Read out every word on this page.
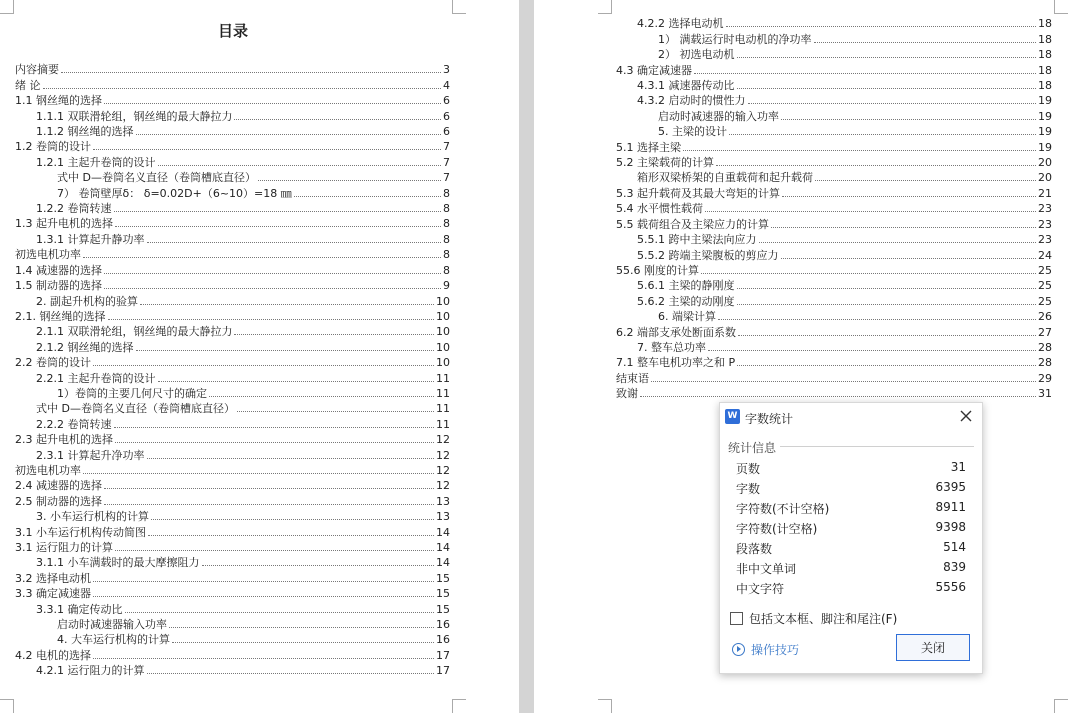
目录
内容摘要	3
绪 论	4
1.1 钢丝绳的选择	6
1.1.1 双联滑轮组，钢丝绳的最大静拉力	6
1.1.2 钢丝绳的选择	6
1.2 卷筒的设计	7
1.2.1 主起升卷筒的设计	7
式中 D—卷筒名义直径（卷筒槽底直径）	7
7） 卷筒壁厚δ： δ=0.02D+（6~10）=18 ㎜	8
1.2.2 卷筒转速	8
1.3 起升电机的选择	8
1.3.1 计算起升静功率	8
初选电机功率	8
1.4 减速器的选择	8
1.5 制动器的选择	9
2. 副起升机构的验算	10
2.1. 钢丝绳的选择	10
2.1.1 双联滑轮组，钢丝绳的最大静拉力	10
2.1.2 钢丝绳的选择	10
2.2 卷筒的设计	10
2.2.1 主起升卷筒的设计	11
1）卷筒的主要几何尺寸的确定	11
式中 D—卷筒名义直径（卷筒槽底直径）	11
2.2.2 卷筒转速	11
2.3 起升电机的选择	12
2.3.1 计算起升净功率	12
初选电机功率	12
2.4 减速器的选择	12
2.5 制动器的选择	13
3. 小车运行机构的计算	13
3.1 小车运行机构传动简图	14
3.1 运行阻力的计算	14
3.1.1 小车满载时的最大摩擦阻力	14
3.2 选择电动机	15
3.3 确定减速器	15
3.3.1 确定传动比	15
启动时减速器输入功率	16
4. 大车运行机构的计算	16
4.2 电机的选择	17
4.2.1 运行阻力的计算	17
4.2.2 选择电动机	18
1） 满载运行时电动机的净功率	18
2） 初选电动机	18
4.3 确定减速器	18
4.3.1 减速器传动比	18
4.3.2 启动时的惯性力	19
启动时减速器的输入功率	19
5. 主梁的设计	19
5.1 选择主梁	19
5.2 主梁载荷的计算	20
箱形双梁桥架的自重载荷和起升载荷	20
5.3 起升载荷及其最大弯矩的计算	21
5.4 水平惯性载荷	23
5.5 载荷组合及主梁应力的计算	23
5.5.1 跨中主梁法向应力	23
5.5.2 跨端主梁腹板的剪应力	24
55.6 刚度的计算	25
5.6.1 主梁的静刚度	25
5.6.2 主梁的动刚度	25
6. 端梁计算	26
6.2 端部支承处断面系数	27
7. 整车总功率	28
7.1 整车电机功率之和 P	28
结束语	29
致谢	31
W 字数统计
统计信息
页数	31
字数	6395
字符数(不计空格)	8911
字符数(计空格)	9398
段落数	514
非中文单词	839
中文字符	5556
包括文本框、脚注和尾注(F)
操作技巧	关闭
